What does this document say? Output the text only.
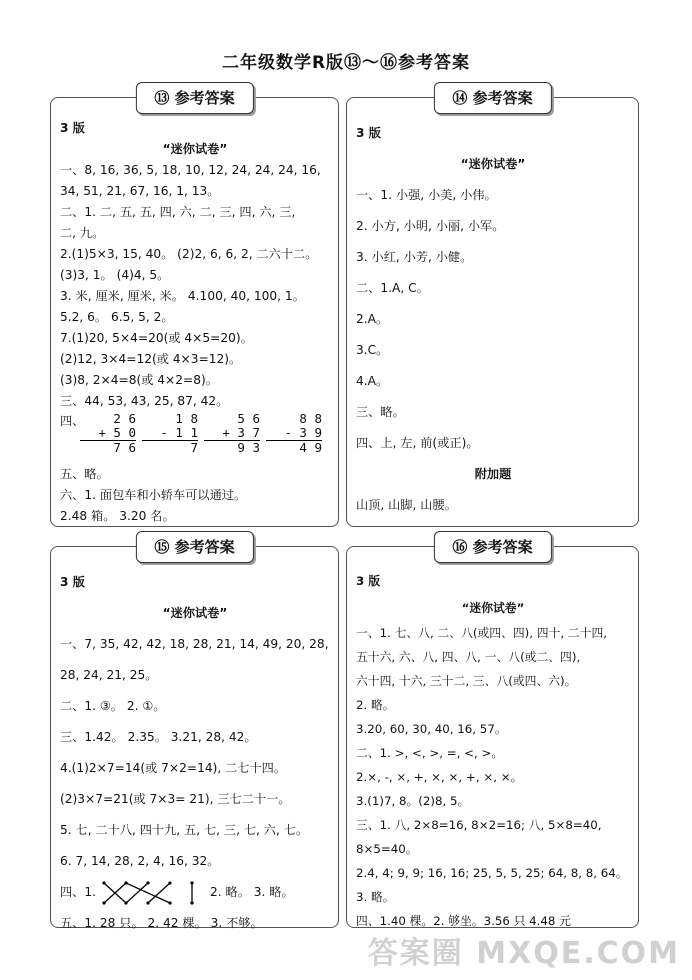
二年级数学R版⑬～⑯参考答案
⑬ 参考答案
3 版
“迷你试卷”
一、8, 16, 36, 5, 18, 10, 12, 24, 24, 24, 16,
34, 51, 21, 67, 16, 1, 13。
二、1. 二, 五, 五, 四, 六, 二, 三, 四, 六, 三,
二, 九。
2.(1)5×3, 15, 40。 (2)2, 6, 6, 2, 二六十二。
(3)3, 1。 (4)4, 5。
3. 米, 厘米, 厘米, 米。 4.100, 40, 100, 1。
5.2, 6。 6.5, 5, 2。
7.(1)20, 5×4=20(或 4×5=20)。
(2)12, 3×4=12(或 4×3=12)。
(3)8, 2×4=8(或 4×2=8)。
三、44, 53, 43, 25, 87, 42。
四、	2 6
+ 5 0
7 6
1 8
- 1 1
7
5 6
+ 3 7
9 3
8 8
- 3 9
4 9
五、略。
六、1. 面包车和小轿车可以通过。
2.48 箱。 3.20 名。
⑭ 参考答案
3 版
“迷你试卷”
一、1. 小强, 小美, 小伟。
2. 小方, 小明, 小丽, 小军。
3. 小红, 小芳, 小健。
二、1.A, C。
2.A。
3.C。
4.A。
三、略。
四、上, 左, 前(或正)。
附加题
山顶, 山脚, 山腰。
⑮ 参考答案
3 版
“迷你试卷”
一、7, 35, 42, 42, 18, 28, 21, 14, 49, 20, 28,
28, 24, 21, 25。
二、1. ③。 2. ①。
三、1.42。 2.35。 3.21, 28, 42。
4.(1)2×7=14(或 7×2=14), 二七十四。
(2)3×7=21(或 7×3= 21), 三七二十一。
5. 七, 二十八, 四十九, 五, 七, 三, 七, 六, 七。
6. 7, 14, 28, 2, 4, 16, 32。
四、1.	2. 略。 3. 略。
五、1. 28 只。 2. 42 棵。 3. 不够。
⑯ 参考答案
3 版
“迷你试卷”
一、1. 七、八, 二、八(或四、四), 四十, 二十四,
五十六, 六、八, 四、八, 一、八(或二、四),
六十四, 十六, 三十二, 三、八(或四、六)。
2. 略。
3.20, 60, 30, 40, 16, 57。
二、1. >, <, >, =, <, >。
2.×, -, ×, +, ×, ×, +, ×, ×。
3.(1)7, 8。(2)8, 5。
三、1. 八, 2×8=16, 8×2=16; 八, 5×8=40,
8×5=40。
2.4, 4; 9, 9; 16, 16; 25, 5, 5, 25; 64, 8, 8, 64。
3. 略。
四、1.40 棵。2. 够坐。3.56 只 4.48 元
答案圈 MXQE.COM
